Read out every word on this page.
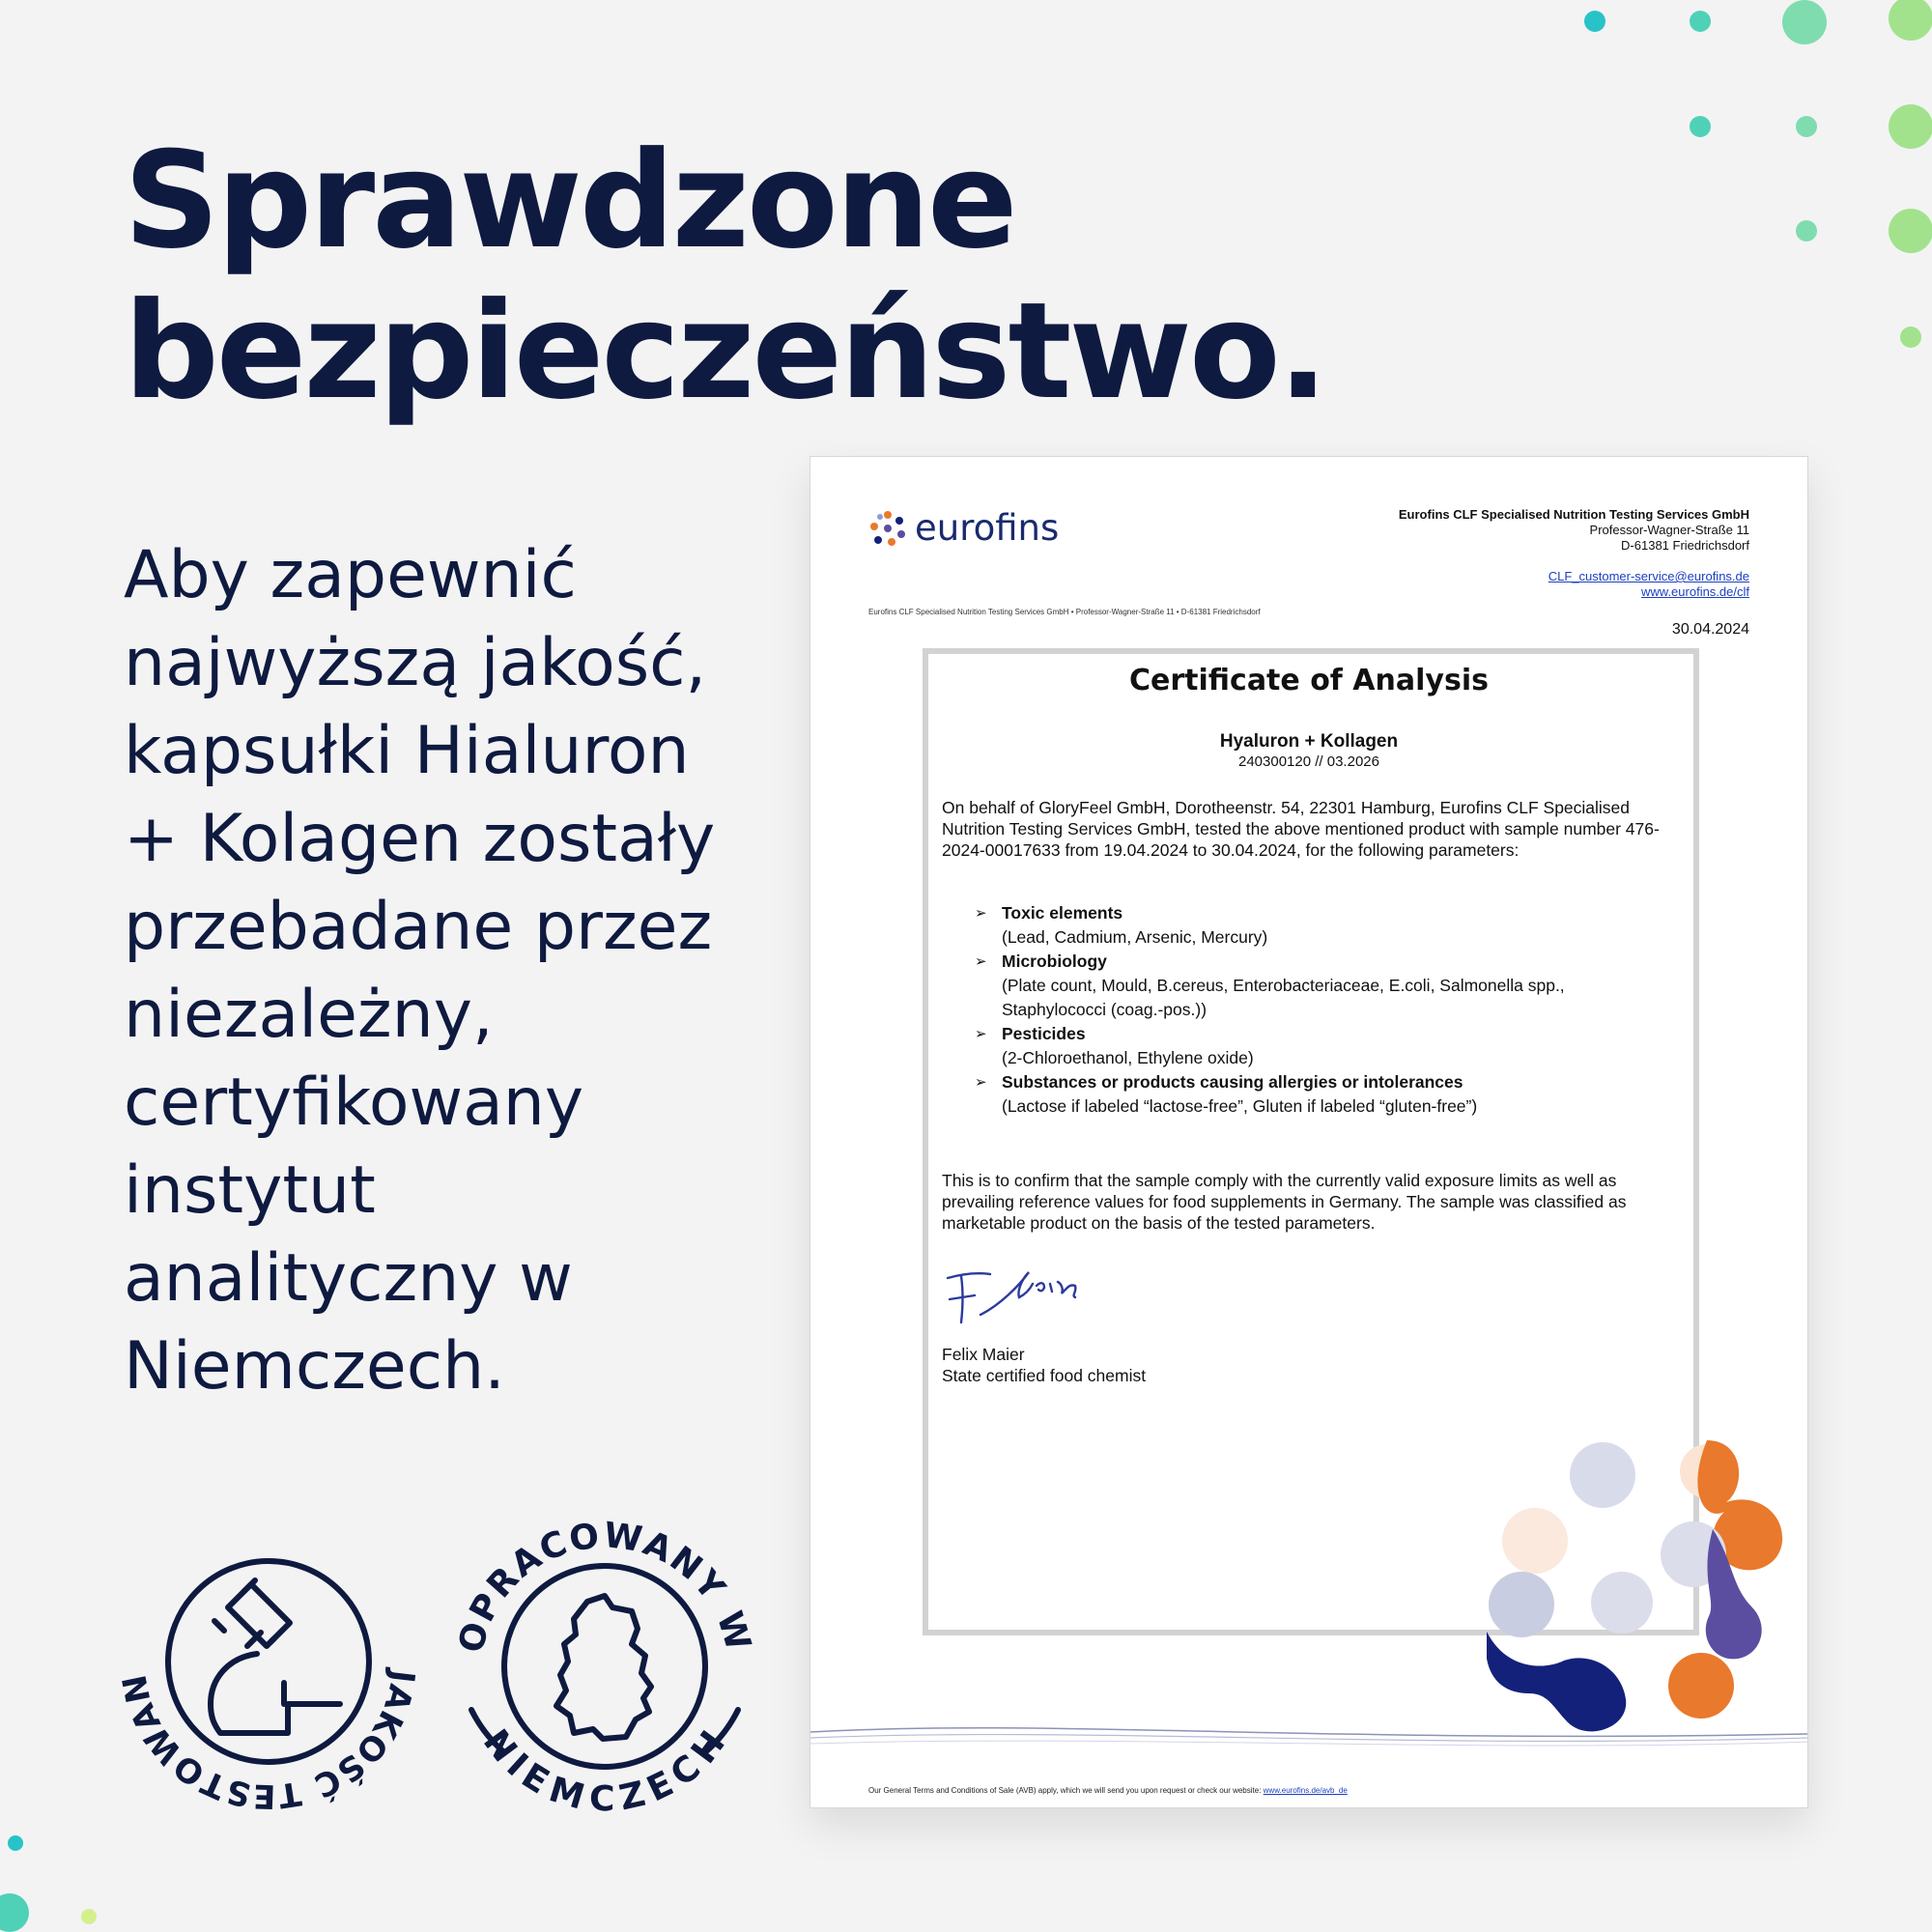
Sprawdzone
bezpieczeństwo.
Aby zapewnić
najwyższą jakość,
kapsułki Hialuron
+ Kolagen zostały
przebadane przez
niezależny,
certyfikowany
instytut
analityczny w
Niemczech.
JAKOŚĆ TESTOWAN
OPRACOWANY W
NIEMCZECH
eurofins	Eurofins CLF Specialised Nutrition Testing Services GmbH
Professor-Wagner-Straße 11
D-61381 Friedrichsdorf
CLF_customer-service@eurofins.de
www.eurofins.de/clf
Eurofins CLF Specialised Nutrition Testing Services GmbH • Professor-Wagner-Straße 11 • D-61381 Friedrichsdorf
30.04.2024
Certificate of Analysis
Hyaluron + Kollagen
240300120 // 03.2026
On behalf of GloryFeel GmbH, Dorotheenstr. 54, 22301 Hamburg, Eurofins CLF Specialised Nutrition Testing Services GmbH, tested the above mentioned product with sample number 476-2024-00017633 from 19.04.2024 to 30.04.2024, for the following parameters:
➢ Toxic elements
(Lead, Cadmium, Arsenic, Mercury)
➢ Microbiology
(Plate count, Mould, B.cereus, Enterobacteriaceae, E.coli, Salmonella spp., Staphylococci (coag.-pos.))
➢ Pesticides
(2-Chloroethanol, Ethylene oxide)
➢ Substances or products causing allergies or intolerances
(Lactose if labeled “lactose-free”, Gluten if labeled “gluten-free”)
This is to confirm that the sample comply with the currently valid exposure limits as well as prevailing reference values for food supplements in Germany. The sample was classified as marketable product on the basis of the tested parameters.
Felix Maier
State certified food chemist
Our General Terms and Conditions of Sale (AVB) apply, which we will send you upon request or check our website: www.eurofins.de/avb_de
